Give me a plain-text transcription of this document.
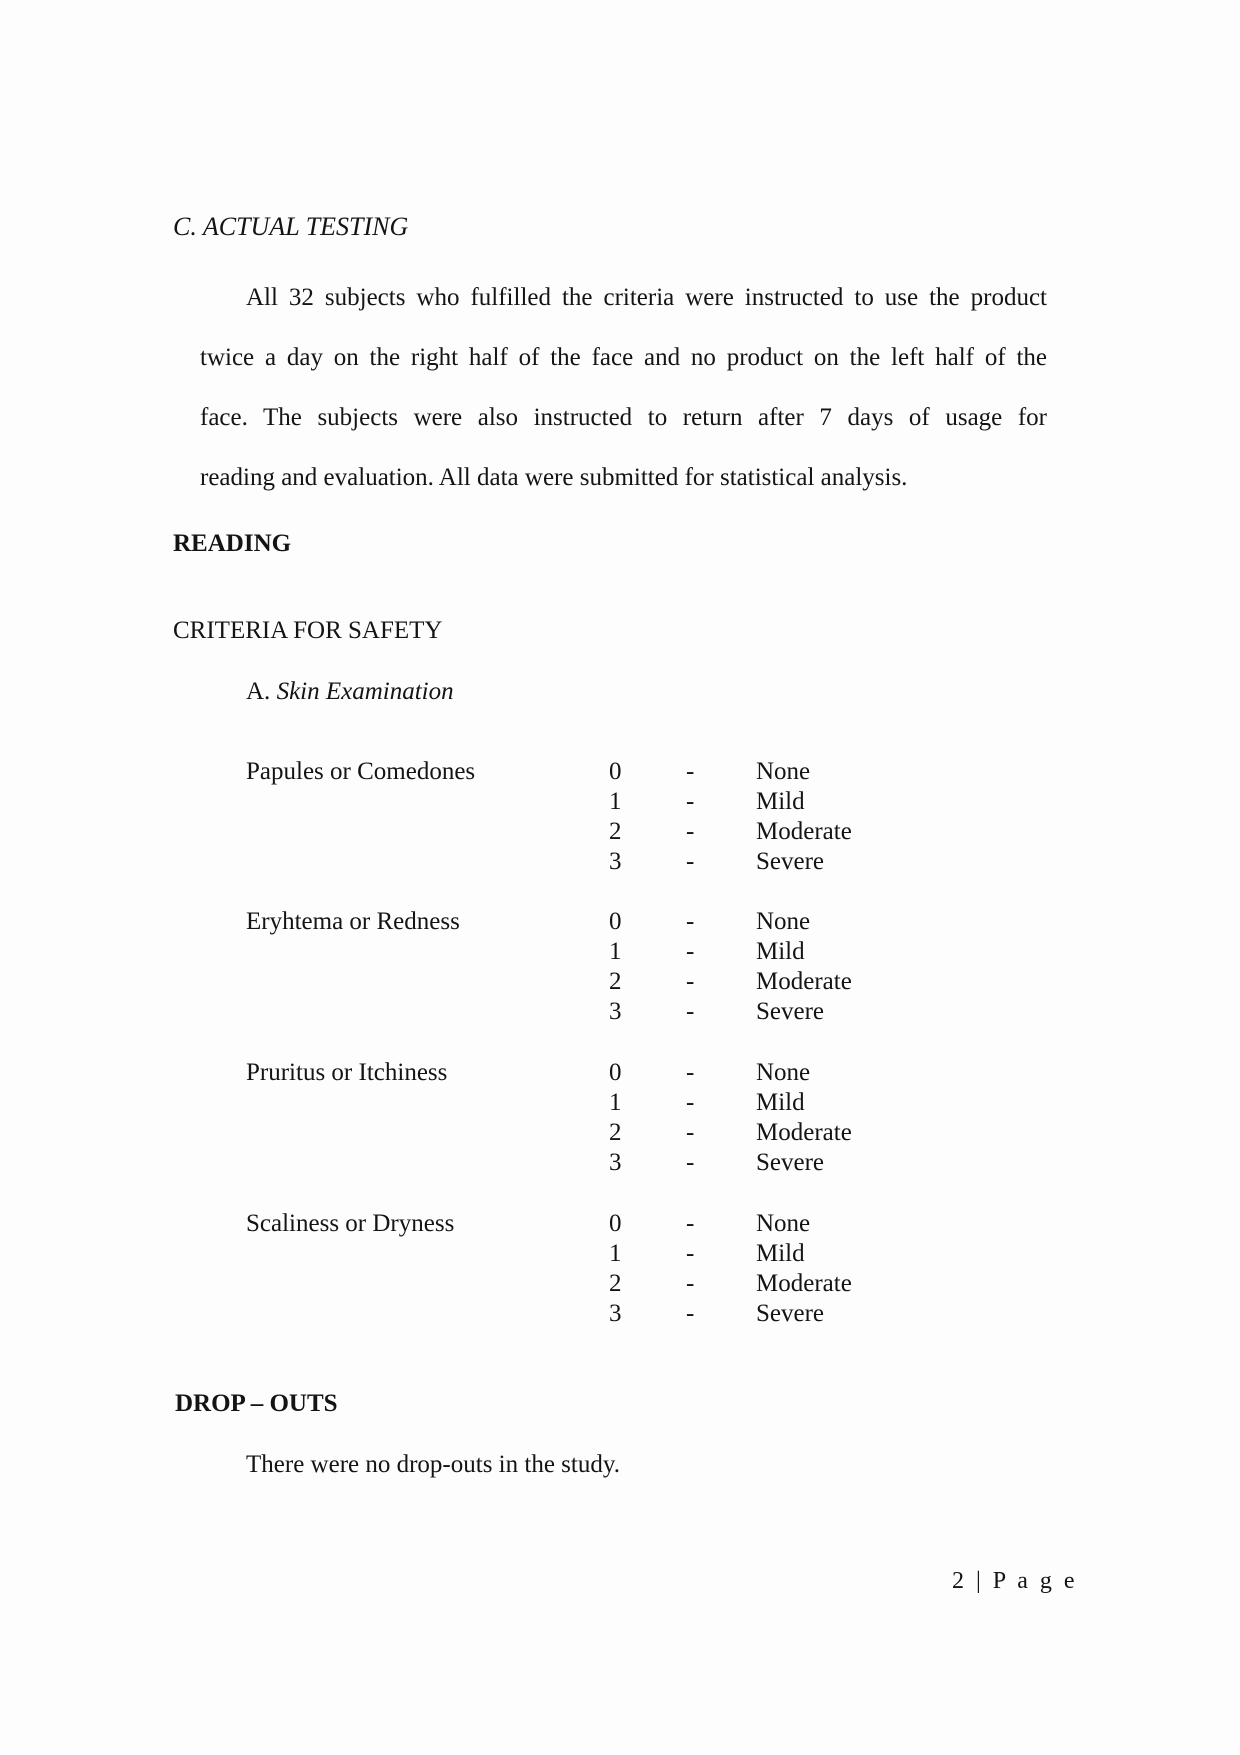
C. ACTUAL TESTING
All 32 subjects who fulfilled the criteria were instructed to use the product
twice a day on the right half of the face and no product on the left half of the
face. The subjects were also instructed to return after 7 days of usage for
reading and evaluation. All data were submitted for statistical analysis.
READING
CRITERIA FOR SAFETY
A. Skin Examination
Papules or Comedones	0	- None
1	- Mild
2	- Moderate
3	- Severe
Eryhtema or Redness	0	- None
1	- Mild
2	- Moderate
3	- Severe
Pruritus or Itchiness	0	- None
1	- Mild
2	- Moderate
3	- Severe
Scaliness or Dryness	0	- None
1	- Mild
2	- Moderate
3	- Severe
DROP – OUTS
There were no drop-outs in the study.
2 | P a g e
